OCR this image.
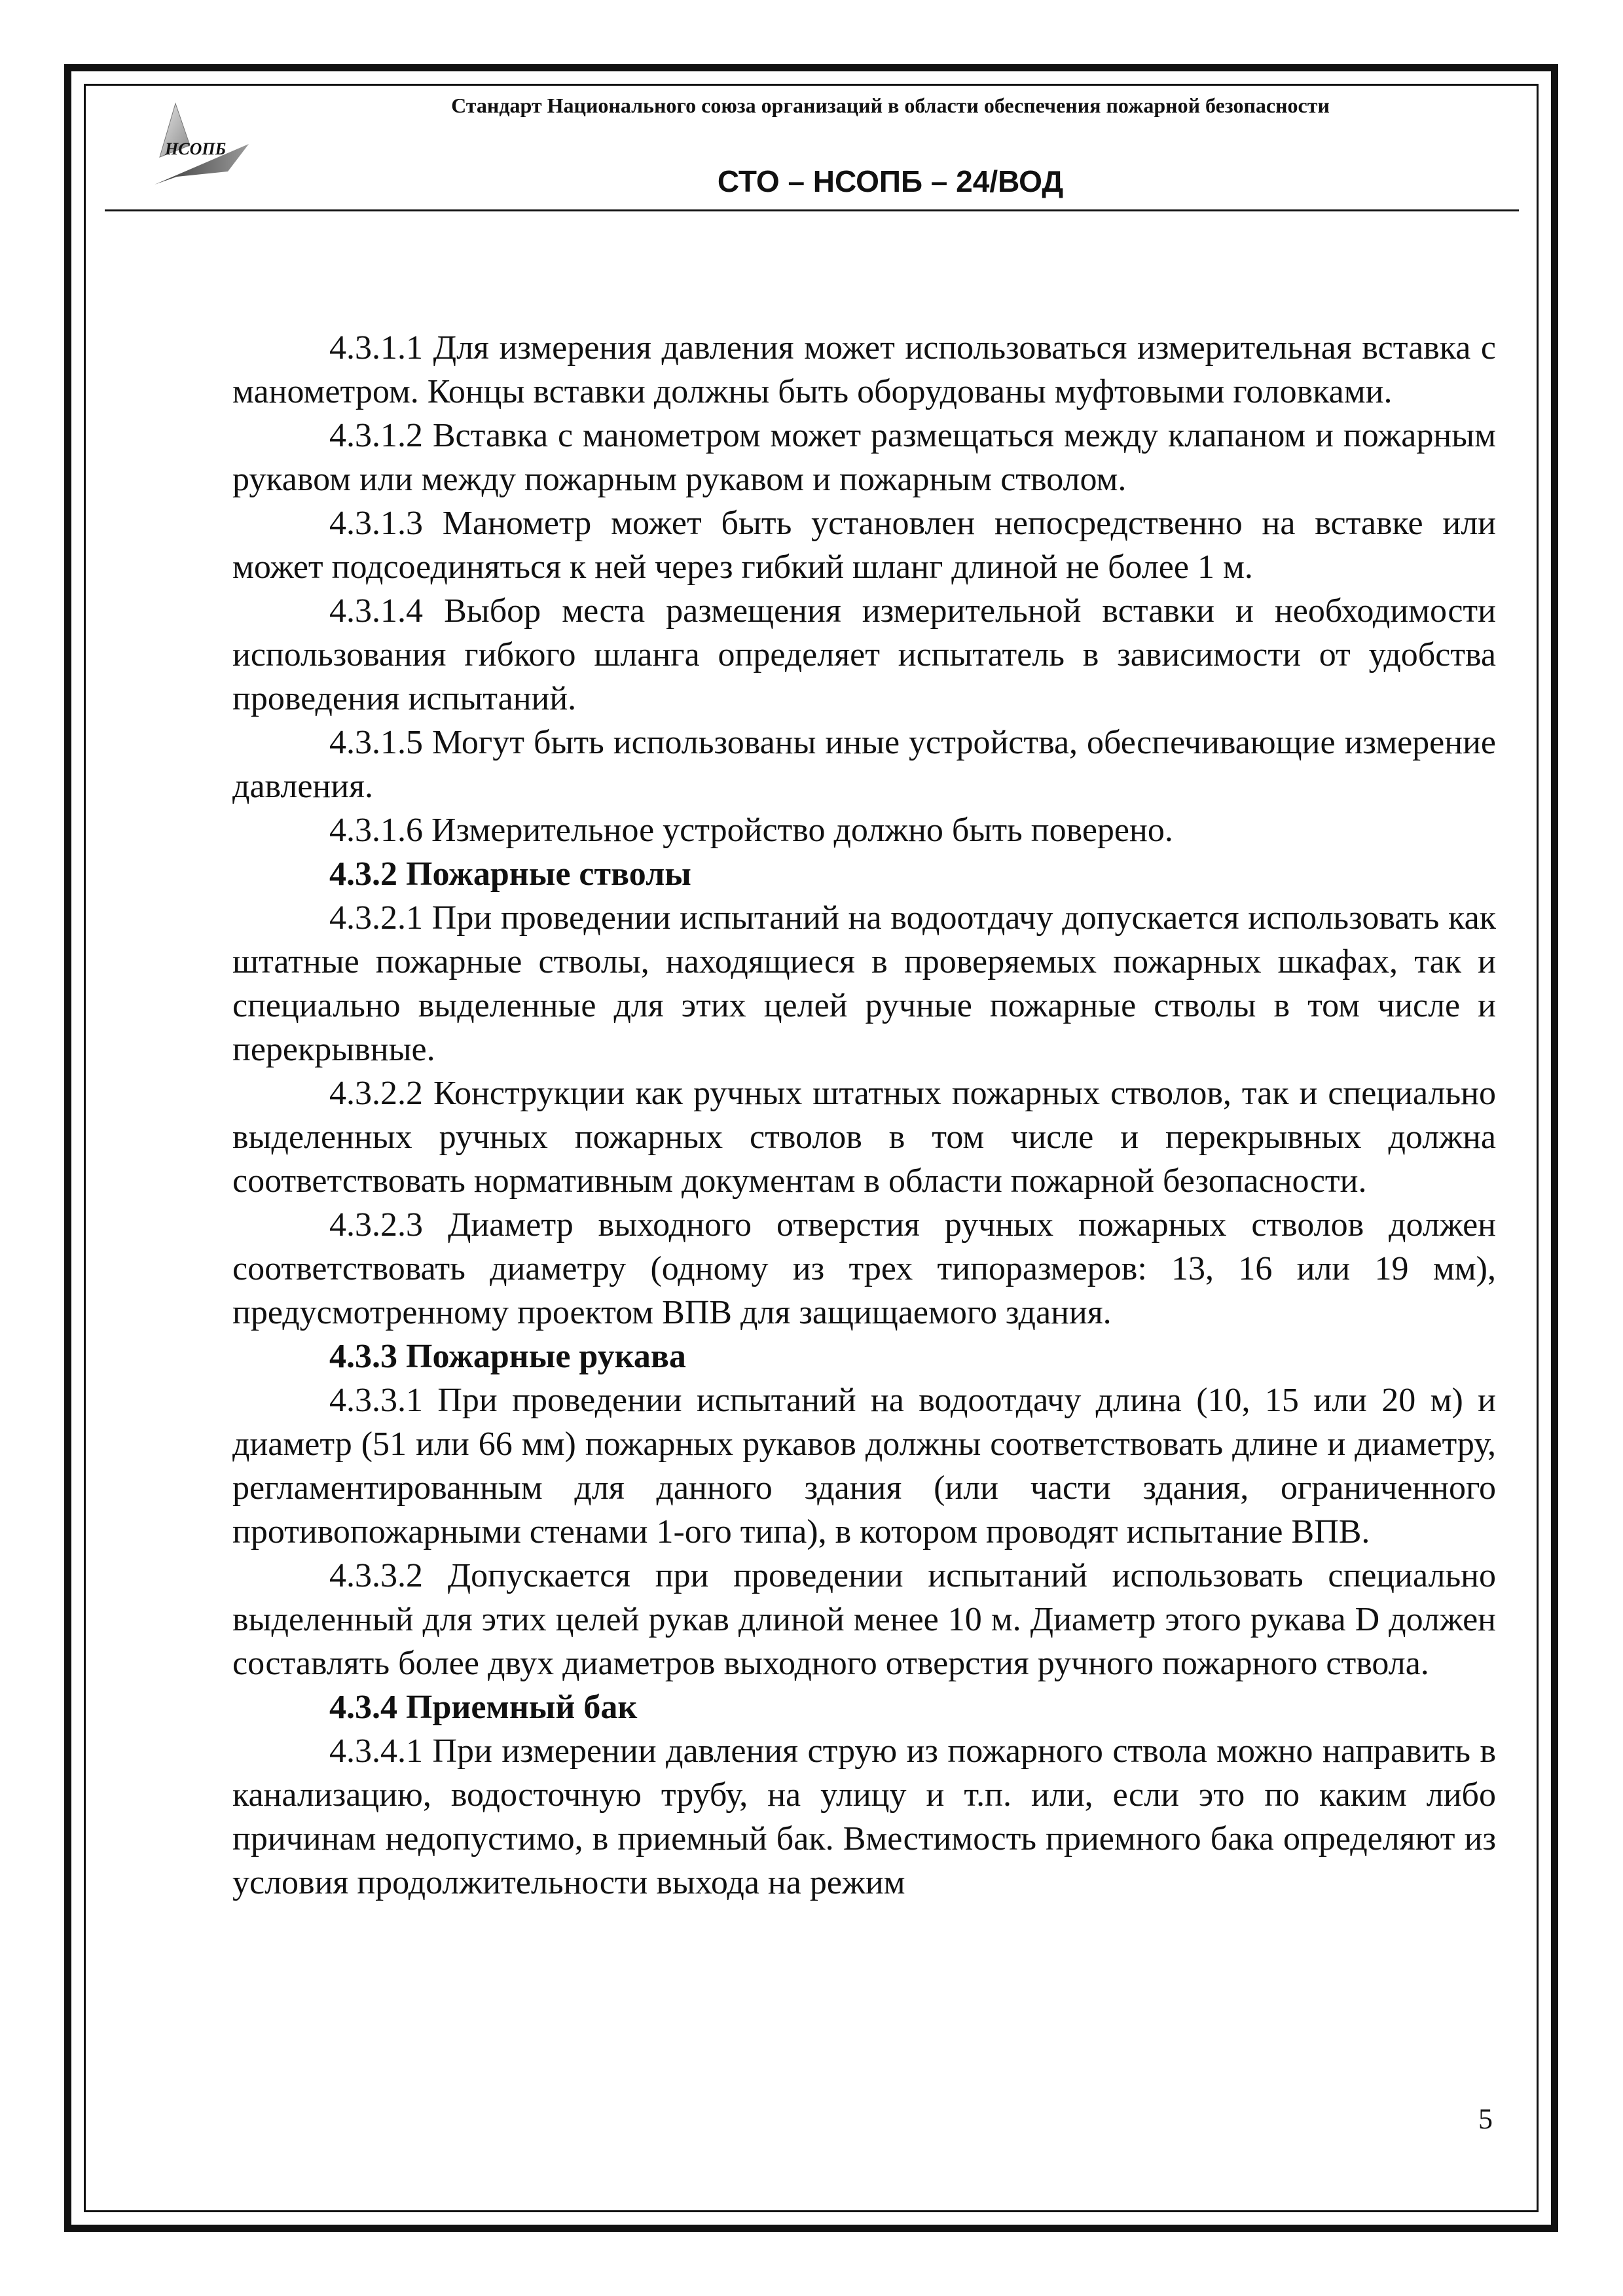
НСОПБ
Стандарт Национального союза организаций в области обеспечения пожарной безопасности
СТО – НСОПБ – 24/ВОД

4.3.1.1 Для измерения давления может использоваться измерительная вставка с манометром. Концы вставки должны быть оборудованы муфтовыми головками.

4.3.1.2 Вставка с манометром может размещаться между клапаном и пожарным рукавом или между пожарным рукавом и пожарным стволом.

4.3.1.3 Манометр может быть установлен непосредственно на вставке или может подсоединяться к ней через гибкий шланг длиной не более 1 м.

4.3.1.4 Выбор места размещения измерительной вставки и необходимости использования гибкого шланга определяет испытатель в зависимости от удобства проведения испытаний.

4.3.1.5 Могут быть использованы иные устройства, обеспечивающие измерение давления.

4.3.1.6 Измерительное устройство должно быть поверено.

4.3.2 Пожарные стволы

4.3.2.1 При проведении испытаний на водоотдачу допускается использовать как штатные пожарные стволы, находящиеся в проверяемых пожарных шкафах, так и специально выделенные для этих целей ручные пожарные стволы в том числе и перекрывные.

4.3.2.2 Конструкции как ручных штатных пожарных стволов, так и специально выделенных ручных пожарных стволов в том числе и перекрывных должна соответствовать нормативным документам в области пожарной безопасности.

4.3.2.3 Диаметр выходного отверстия ручных пожарных стволов должен соответствовать диаметру (одному из трех типоразмеров: 13, 16 или 19 мм), предусмотренному проектом ВПВ для защищаемого здания.

4.3.3 Пожарные рукава

4.3.3.1 При проведении испытаний на водоотдачу длина (10, 15 или 20 м) и диаметр (51 или 66 мм) пожарных рукавов должны соответствовать длине и диаметру, регламентированным для данного здания (или части здания, ограниченного противопожарными стенами 1-ого типа), в котором проводят испытание ВПВ.

4.3.3.2 Допускается при проведении испытаний использовать специально выделенный для этих целей рукав длиной менее 10 м. Диаметр этого рукава D должен составлять более двух диаметров выходного отверстия ручного пожарного ствола.

4.3.4 Приемный бак

4.3.4.1 При измерении давления струю из пожарного ствола можно направить в канализацию, водосточную трубу, на улицу и т.п. или, если это по каким либо причинам недопустимо, в приемный бак. Вместимость приемного бака определяют из условия продолжительности выхода на режим

5
